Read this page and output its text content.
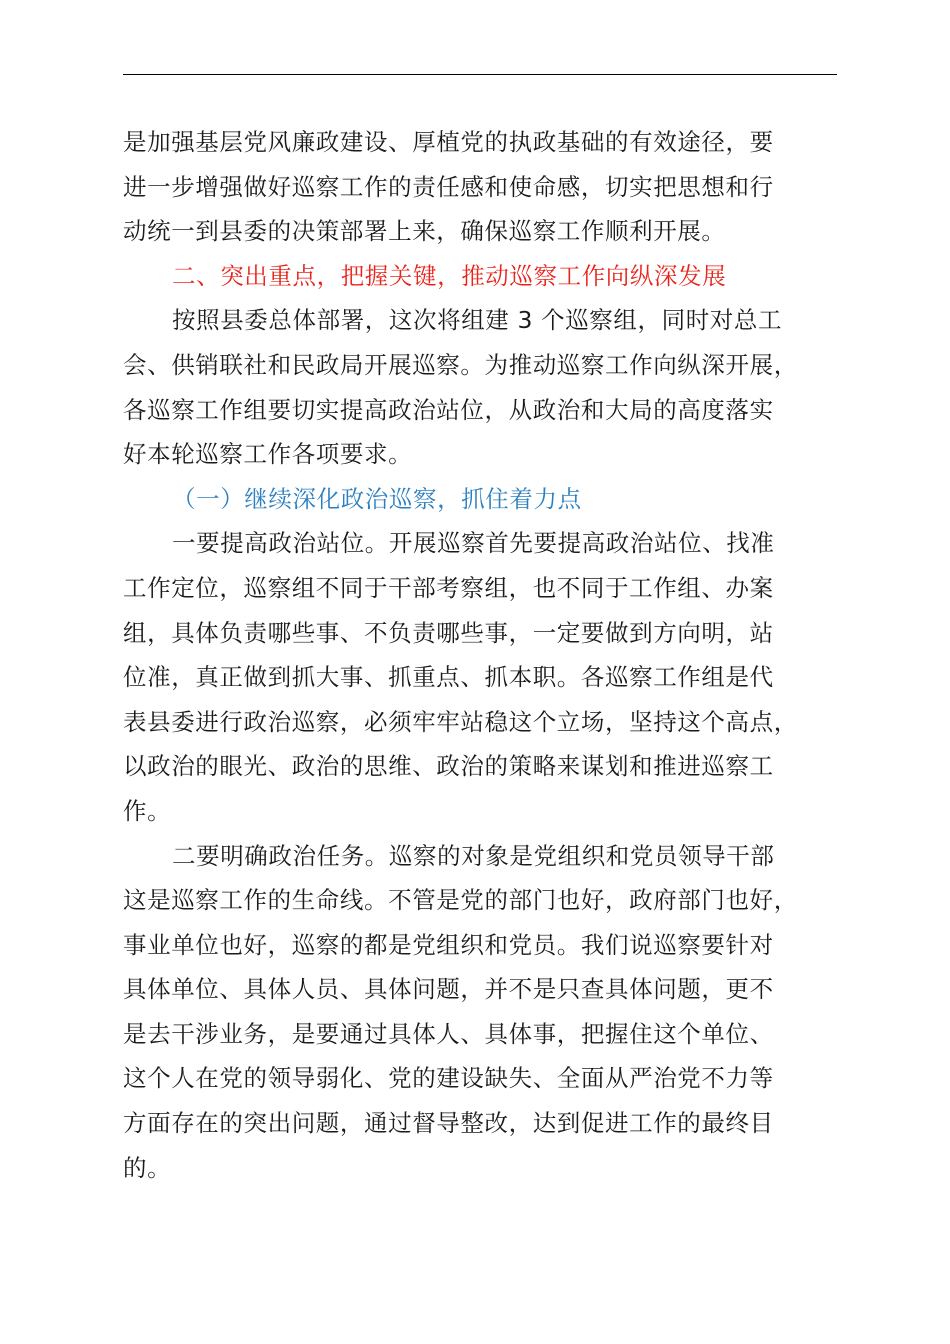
是加强基层党风廉政建设、厚植党的执政基础的有效途径，要
进一步增强做好巡察工作的责任感和使命感，切实把思想和行
动统一到县委的决策部署上来，确保巡察工作顺利开展。
二、突出重点，把握关键，推动巡察工作向纵深发展
按照县委总体部署，这次将组建 3 个巡察组，同时对总工
会、供销联社和民政局开展巡察。为推动巡察工作向纵深开展，
各巡察工作组要切实提高政治站位，从政治和大局的高度落实
好本轮巡察工作各项要求。
（一）继续深化政治巡察，抓住着力点
一要提高政治站位。开展巡察首先要提高政治站位、找准
工作定位，巡察组不同于干部考察组，也不同于工作组、办案
组，具体负责哪些事、不负责哪些事，一定要做到方向明，站
位准，真正做到抓大事、抓重点、抓本职。各巡察工作组是代
表县委进行政治巡察，必须牢牢站稳这个立场，坚持这个高点，
以政治的眼光、政治的思维、政治的策略来谋划和推进巡察工
作。
二要明确政治任务。巡察的对象是党组织和党员领导干部
这是巡察工作的生命线。不管是党的部门也好，政府部门也好，
事业单位也好，巡察的都是党组织和党员。我们说巡察要针对
具体单位、具体人员、具体问题，并不是只查具体问题，更不
是去干涉业务，是要通过具体人、具体事，把握住这个单位、
这个人在党的领导弱化、党的建设缺失、全面从严治党不力等
方面存在的突出问题，通过督导整改，达到促进工作的最终目
的。
